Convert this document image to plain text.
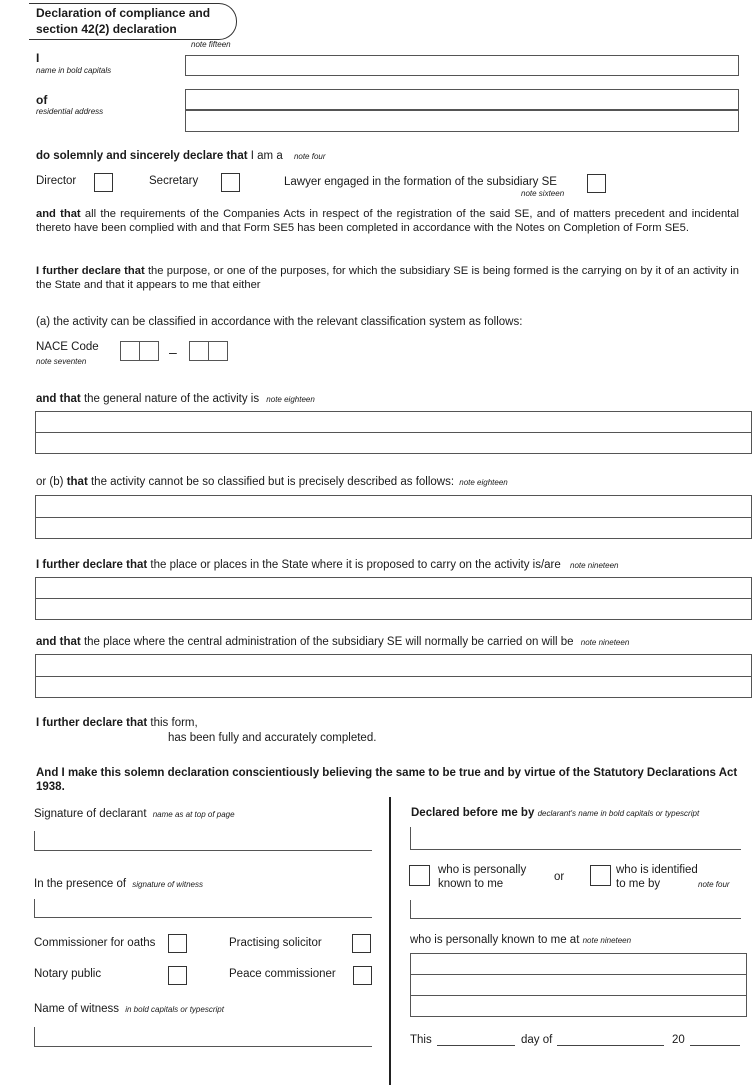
Declaration of compliance and
section 42(2) declaration
note fifteen
I
name in bold capitals
of
residential address
do solemnly and sincerely declare that I am a note four
Director	Secretary	Lawyer engaged in the formation of the subsidiary SE
note sixteen
and that all the requirements of the Companies Acts in respect of the registration of the said SE, and of matters precedent and incidental thereto have been complied with and that Form SE5 has been completed in accordance with the Notes on Completion of Form SE5.
I further declare that the purpose, or one of the purposes, for which the subsidiary SE is being formed is the carrying on by it of an activity in the State and that it appears to me that either
(a) the activity can be classified in accordance with the relevant classification system as follows:
NACE Code
note seventen
–
and that the general nature of the activity is note eighteen
or (b) that the activity cannot be so classified but is precisely described as follows: note eighteen
I further declare that the place or places in the State where it is proposed to carry on the activity is/are note nineteen
and that the place where the central administration of the subsidiary SE will normally be carried on will be note nineteen
I further declare that this form,
has been fully and accurately completed.
And I make this solemn declaration conscientiously believing the same to be true and by virtue of the Statutory Declarations Act 1938.
Signature of declarant name as at top of page
In the presence of signature of witness
Commissioner for oaths	Practising solicitor
Notary public	Peace commissioner
Name of witness in bold capitals or typescript
Declared before me by declarant's name in bold capitals or typescript
who is personally
known to me
or
who is identified
to me by	note four
who is personally known to me at note nineteen
This	day of	20
